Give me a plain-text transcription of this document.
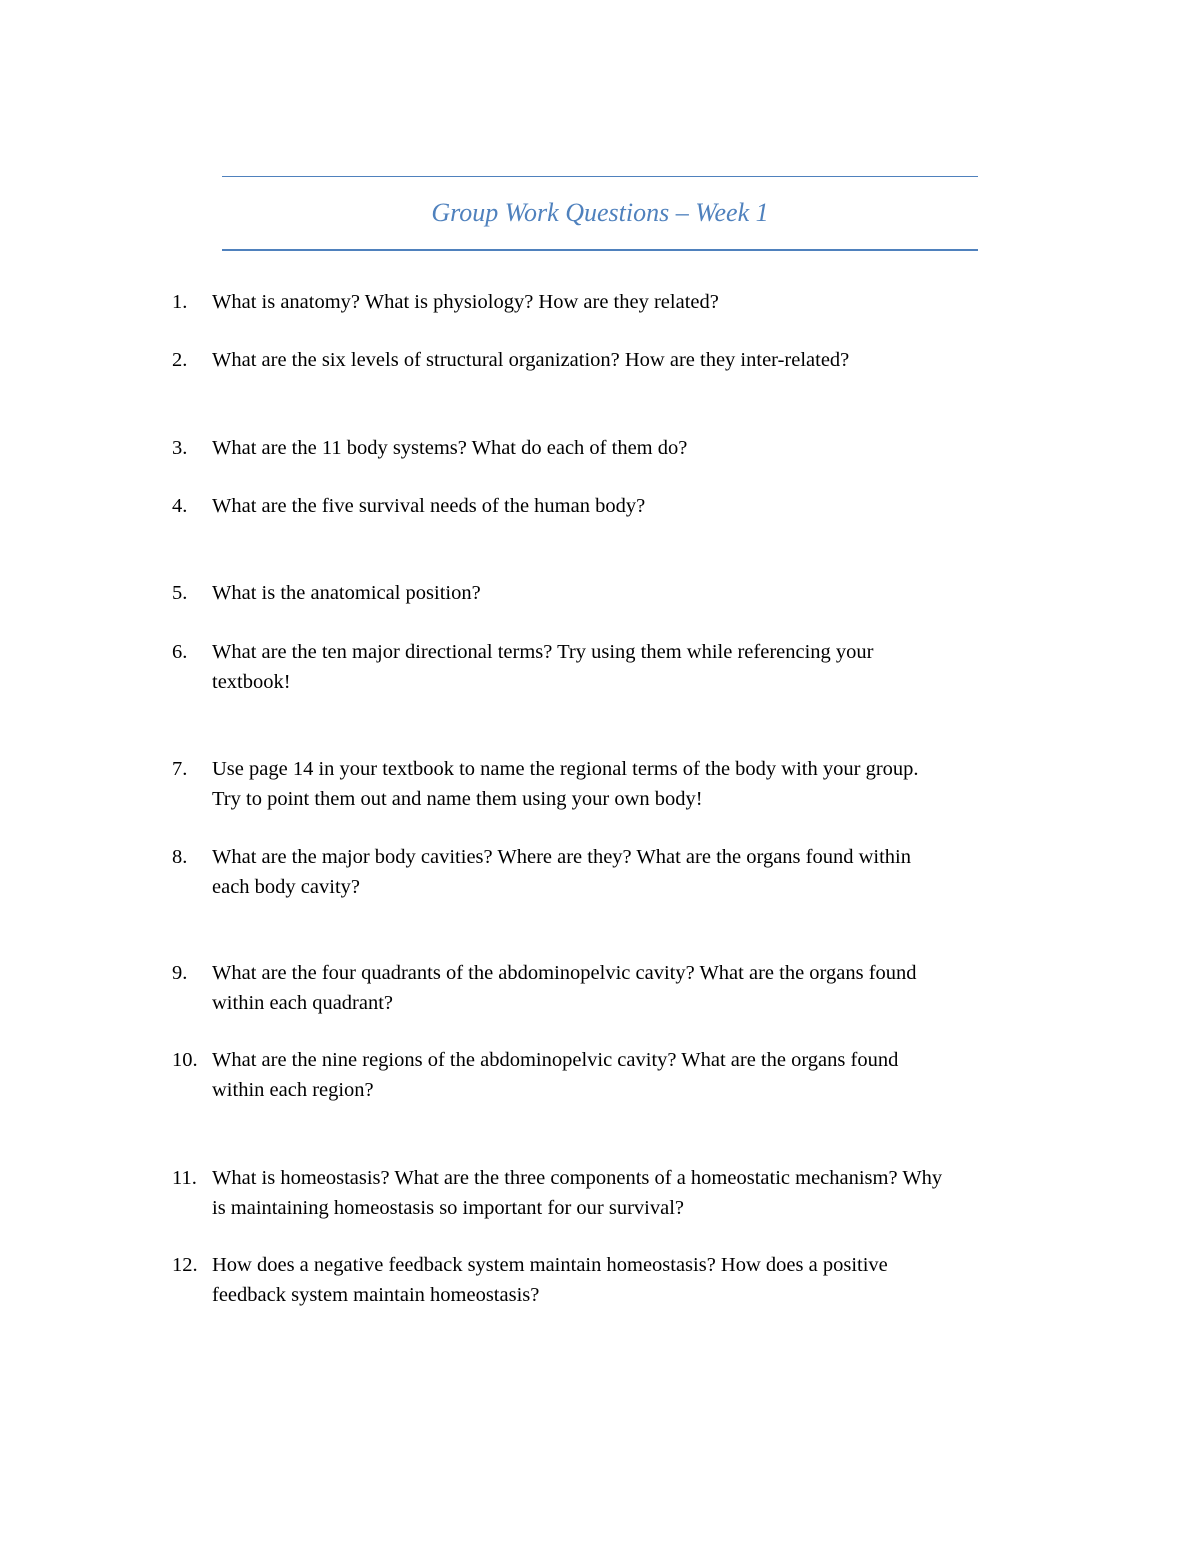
Group Work Questions – Week 1
1.	What is anatomy? What is physiology? How are they related?
2.	What are the six levels of structural organization? How are they inter-related?
3.	What are the 11 body systems? What do each of them do?
4.	What are the five survival needs of the human body?
5.	What is the anatomical position?
6.	What are the ten major directional terms? Try using them while referencing your
textbook!
7.	Use page 14 in your textbook to name the regional terms of the body with your group.
Try to point them out and name them using your own body!
8.	What are the major body cavities? Where are they? What are the organs found within
each body cavity?
9.	What are the four quadrants of the abdominopelvic cavity? What are the organs found
within each quadrant?
10. What are the nine regions of the abdominopelvic cavity? What are the organs found
within each region?
11. What is homeostasis? What are the three components of a homeostatic mechanism? Why
is maintaining homeostasis so important for our survival?
12. How does a negative feedback system maintain homeostasis? How does a positive
feedback system maintain homeostasis?
